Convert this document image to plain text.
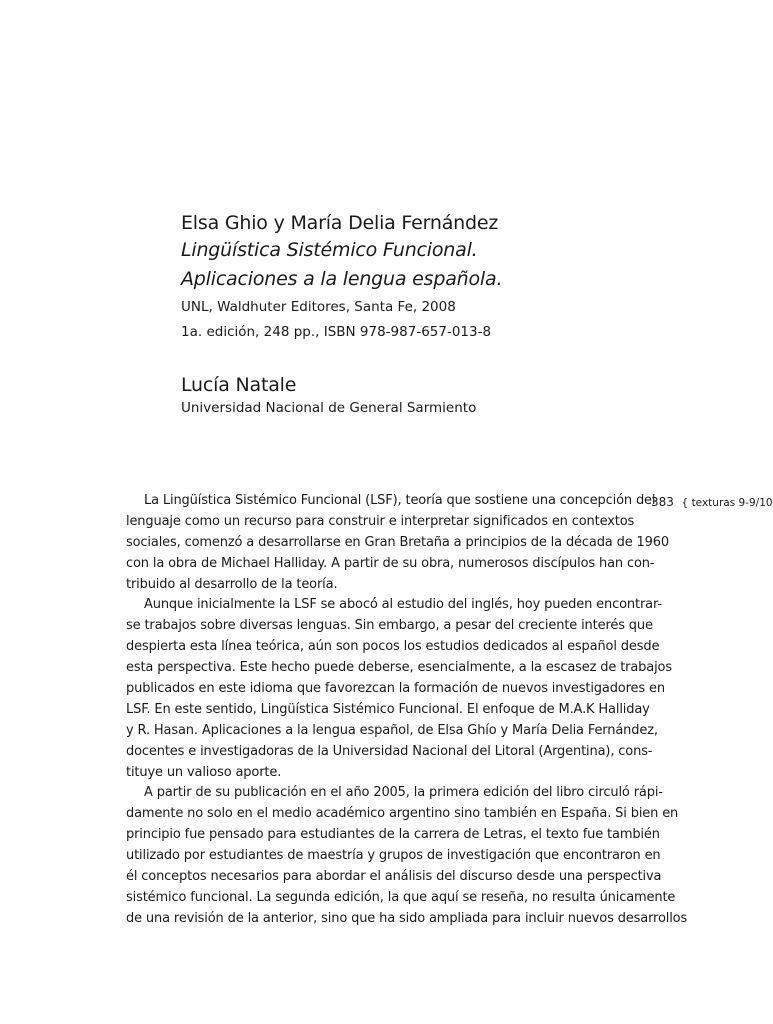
Elsa Ghio y María Delia Fernández
Lingüística Sistémico Funcional.
Aplicaciones a la lengua española.
UNL, Waldhuter Editores, Santa Fe, 2008
1a. edición, 248 pp., ISBN 978-987-657-013-8
Lucía Natale
Universidad Nacional de General Sarmiento
383 { texturas 9-9/10
La Lingüística Sistémico Funcional (LSF), teoría que sostiene una concepción del
lenguaje como un recurso para construir e interpretar significados en contextos
sociales, comenzó a desarrollarse en Gran Bretaña a principios de la década de 1960
con la obra de Michael Halliday. A partir de su obra, numerosos discípulos han con-
tribuido al desarrollo de la teoría.
Aunque inicialmente la LSF se abocó al estudio del inglés, hoy pueden encontrar-
se trabajos sobre diversas lenguas. Sin embargo, a pesar del creciente interés que
despierta esta línea teórica, aún son pocos los estudios dedicados al español desde
esta perspectiva. Este hecho puede deberse, esencialmente, a la escasez de trabajos
publicados en este idioma que favorezcan la formación de nuevos investigadores en
LSF. En este sentido, Lingüística Sistémico Funcional. El enfoque de M.A.K Halliday
y R. Hasan. Aplicaciones a la lengua español, de Elsa Ghío y María Delia Fernández,
docentes e investigadoras de la Universidad Nacional del Litoral (Argentina), cons-
tituye un valioso aporte.
A partir de su publicación en el año 2005, la primera edición del libro circuló rápi-
damente no solo en el medio académico argentino sino también en España. Si bien en
principio fue pensado para estudiantes de la carrera de Letras, el texto fue también
utilizado por estudiantes de maestría y grupos de investigación que encontraron en
él conceptos necesarios para abordar el análisis del discurso desde una perspectiva
sistémico funcional. La segunda edición, la que aquí se reseña, no resulta únicamente
de una revisión de la anterior, sino que ha sido ampliada para incluir nuevos desarrollos
